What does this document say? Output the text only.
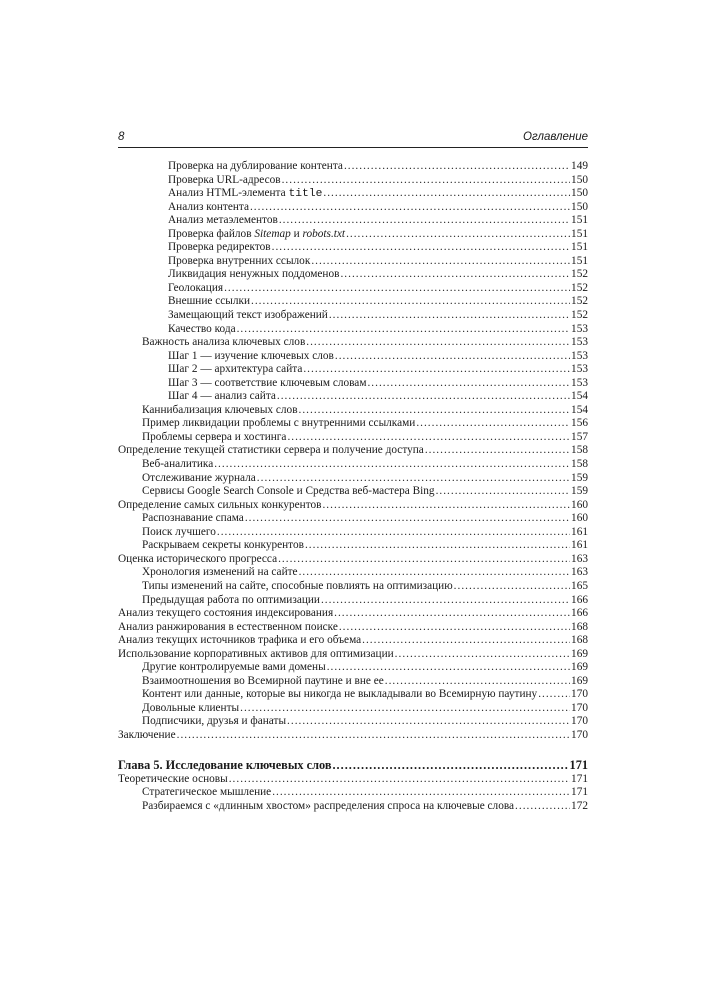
8	Оглавление
Проверка на дублирование контента .....	149
Проверка URL-адресов .....	150
Анализ HTML-элемента title .....	150
Анализ контента .....	150
Анализ метаэлементов .....	151
Проверка файлов Sitemap и robots.txt .....	151
Проверка редиректов .....	151
Проверка внутренних ссылок .....	151
Ликвидация ненужных поддоменов .....	152
Геолокация .....	152
Внешние ссылки .....	152
Замещающий текст изображений .....	152
Качество кода .....	153
Важность анализа ключевых слов .....	153
Шаг 1 — изучение ключевых слов .....	153
Шаг 2 — архитектура сайта .....	153
Шаг 3 — соответствие ключевым словам .....	153
Шаг 4 — анализ сайта .....	154
Каннибализация ключевых слов .....	154
Пример ликвидации проблемы с внутренними ссылками .....	156
Проблемы сервера и хостинга .....	157
Определение текущей статистики сервера и получение доступа .....	158
Веб-аналитика .....	158
Отслеживание журнала .....	159
Сервисы Google Search Console и Средства веб-мастера Bing .....	159
Определение самых сильных конкурентов .....	160
Распознавание спама .....	160
Поиск лучшего .....	161
Раскрываем секреты конкурентов .....	161
Оценка исторического прогресса .....	163
Хронология изменений на сайте .....	163
Типы изменений на сайте, способные повлиять на оптимизацию .....	165
Предыдущая работа по оптимизации .....	166
Анализ текущего состояния индексирования .....	166
Анализ ранжирования в естественном поиске .....	168
Анализ текущих источников трафика и его объема .....	168
Использование корпоративных активов для оптимизации .....	169
Другие контролируемые вами домены .....	169
Взаимоотношения во Всемирной паутине и вне ее .....	169
Контент или данные, которые вы никогда не выкладывали во Всемирную паутину .....	170
Довольные клиенты .....	170
Подписчики, друзья и фанаты .....	170
Заключение .....	170
Глава 5. Исследование ключевых слов .....	171
Теоретические основы .....	171
Стратегическое мышление .....	171
Разбираемся с «длинным хвостом» распределения спроса на ключевые слова .....	172
